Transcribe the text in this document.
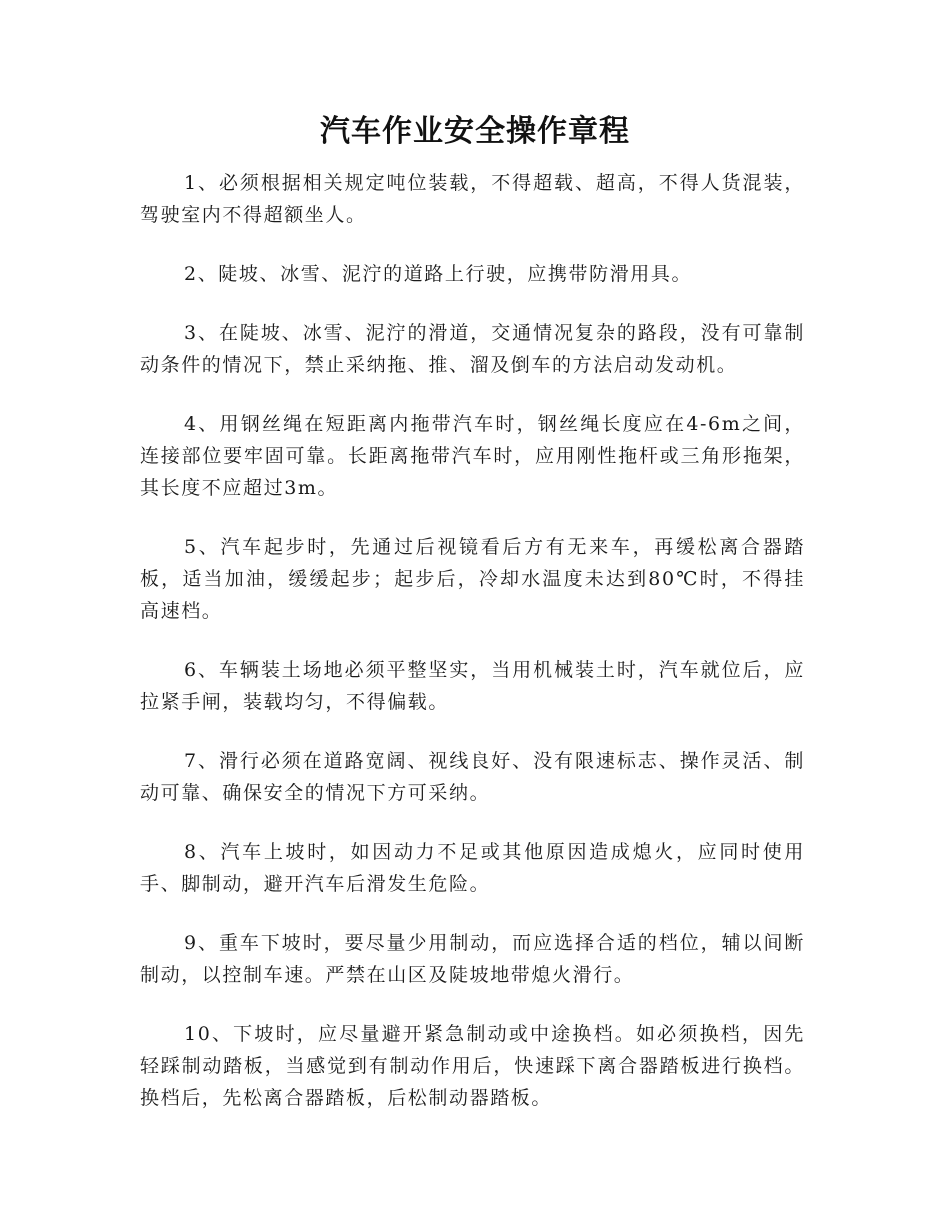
汽车作业安全操作章程

1、必须根据相关规定吨位装载，不得超载、超高，不得人货混装，驾驶室内不得超额坐人。

2、陡坡、冰雪、泥泞的道路上行驶，应携带防滑用具。

3、在陡坡、冰雪、泥泞的滑道，交通情况复杂的路段，没有可靠制动条件的情况下，禁止采纳拖、推、溜及倒车的方法启动发动机。

4、用钢丝绳在短距离内拖带汽车时，钢丝绳长度应在4-6m之间，连接部位要牢固可靠。长距离拖带汽车时，应用刚性拖杆或三角形拖架，其长度不应超过3m。

5、汽车起步时，先通过后视镜看后方有无来车，再缓松离合器踏板，适当加油，缓缓起步；起步后，冷却水温度未达到80℃时，不得挂高速档。

6、车辆装土场地必须平整坚实，当用机械装土时，汽车就位后，应拉紧手闸，装载均匀，不得偏载。

7、滑行必须在道路宽阔、视线良好、没有限速标志、操作灵活、制动可靠、确保安全的情况下方可采纳。

8、汽车上坡时，如因动力不足或其他原因造成熄火，应同时使用手、脚制动，避开汽车后滑发生危险。

9、重车下坡时，要尽量少用制动，而应选择合适的档位，辅以间断制动，以控制车速。严禁在山区及陡坡地带熄火滑行。

10、下坡时，应尽量避开紧急制动或中途换档。如必须换档，因先轻踩制动踏板，当感觉到有制动作用后，快速踩下离合器踏板进行换档。换档后，先松离合器踏板，后松制动器踏板。
